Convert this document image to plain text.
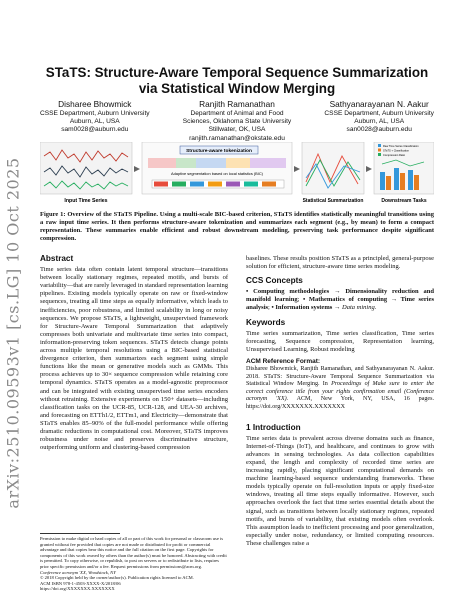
arXiv:2510.09593v1 [cs.LG] 10 Oct 2025
STaTS: Structure-Aware Temporal Sequence Summarization via Statistical Window Merging
Disharee Bhowmick
CSSE Department, Auburn University
Auburn, AL, USA
sam0028@auburn.edu
Ranjith Ramanathan
Department of Animal and Food
Sciences, Oklahoma State University
Stillwater, OK, USA
ranjith.ramanathan@okstate.edu
Sathyanarayanan N. Aakur
CSSE Department, Auburn University
Auburn, AL, USA
san0028@auburn.edu
Input Time Series
Structure-aware tokenization
Adaptive segmentation based on local statistics (BIC)
Statistical Summarization
Raw Time Series Classification
STaTS + Classification
Compression Ratio
Downstream Tasks
Figure 1: Overview of the STaTS Pipeline. Using a multi-scale BIC-based criterion, STaTS identifies statistically meaningful transitions using a raw input time series. It then performs structure-aware tokenization and summarizes each segment (e.g., by mean) to form a compact representation. These summaries enable efficient and robust downstream modeling, preserving task performance despite significant compression.
Abstract

Time series data often contain latent temporal structure—transitions between locally stationary regimes, repeated motifs, and bursts of variability—that are rarely leveraged in standard representation learning pipelines. Existing models typically operate on raw or fixed-window sequences, treating all time steps as equally informative, which leads to inefficiencies, poor robustness, and limited scalability in long or noisy sequences. We propose STaTS, a lightweight, unsupervised framework for Structure-Aware Temporal Summarization that adaptively compresses both univariate and multivariate time series into compact, information-preserving token sequences. STaTS detects change points across multiple temporal resolutions using a BIC-based statistical divergence criterion, then summarizes each segment using simple functions like the mean or generative models such as GMMs. This process achieves up to 30× sequence compression while retaining core temporal dynamics. STaTS operates as a model-agnostic preprocessor and can be integrated with existing unsupervised time series encoders without retraining. Extensive experiments on 150+ datasets—including classification tasks on the UCR-85, UCR-128, and UEA-30 archives, and forecasting on ETTh1/2, ETTm1, and Electricity—demonstrate that STaTS enables 85–90% of the full-model performance while offering dramatic reductions in computational cost. Moreover, STaTS improves robustness under noise and preserves discriminative structure, outperforming uniform and clustering-based compression

Permission to make digital or hard copies of all or part of this work for personal or classroom use is granted without fee provided that copies are not made or distributed for profit or commercial advantage and that copies bear this notice and the full citation on the first page. Copyrights for components of this work owned by others than the author(s) must be honored. Abstracting with credit is permitted. To copy otherwise, or republish, to post on servers or to redistribute to lists, requires prior specific permission and/or a fee. Request permissions from permissions@acm.org.
Conference acronym 'XX, Woodstock, NY
© 2018 Copyright held by the owner/author(s). Publication rights licensed to ACM.
ACM ISBN 978-1-4503-XXXX-X/2018/06
https://doi.org/XXXXXXX.XXXXXXX

baselines. These results position STaTS as a principled, general-purpose solution for efficient, structure-aware time series modeling.

CCS Concepts

• Computing methodologies → Dimensionality reduction and manifold learning; • Mathematics of computing → Time series analysis; • Information systems → Data mining.

Keywords

Time series summarization, Time series classification, Time series forecasting, Sequence compression, Representation learning, Unsupervised Learning, Robust modeling

ACM Reference Format:

Disharee Bhowmick, Ranjith Ramanathan, and Sathyanarayanan N. Aakur. 2018. STaTS: Structure-Aware Temporal Sequence Summarization via Statistical Window Merging. In Proceedings of Make sure to enter the correct conference title from your rights confirmation email (Conference acronym 'XX). ACM, New York, NY, USA, 16 pages. https://doi.org/XXXXXXX.XXXXXXX

1 Introduction

Time series data is prevalent across diverse domains such as finance, Internet-of-Things (IoT), and healthcare, and continues to grow with advances in sensing technologies. As data collection capabilities expand, the length and complexity of recorded time series are increasing rapidly, placing significant computational demands on machine learning-based sequence understanding frameworks. These models typically operate on full-resolution inputs or apply fixed-size windows, treating all time steps equally informative. However, such approaches overlook the fact that time series essential details about the signal, such as transitions between locally stationary regimes, repeated motifs, and bursts of variability, that existing models often overlook. This assumption leads to inefficient processing and poor generalization, especially under noise, redundancy, or limited computing resources. These challenges raise a
